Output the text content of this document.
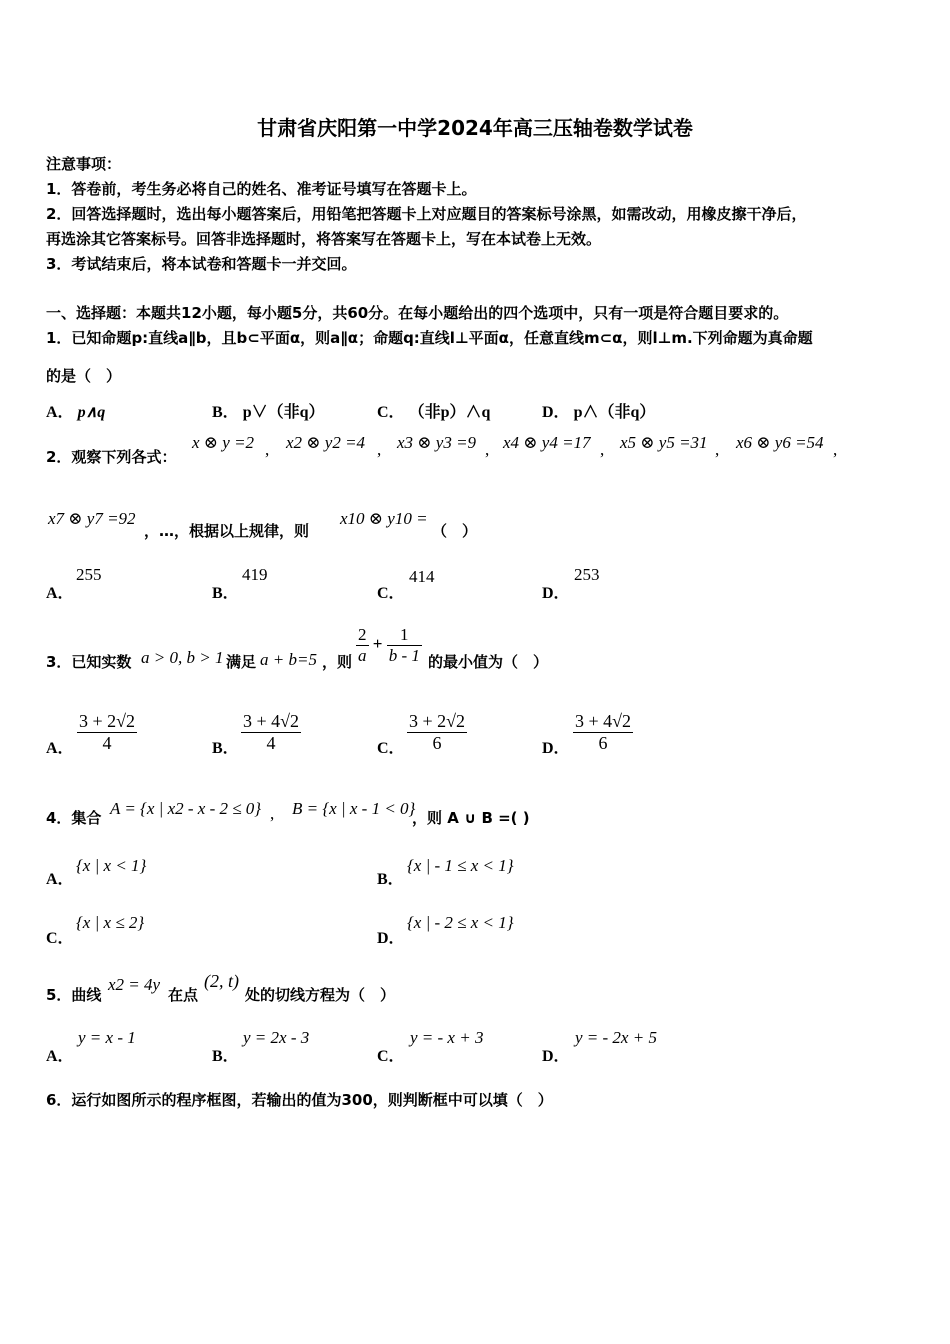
甘肃省庆阳第一中学2024年高三压轴卷数学试卷
注意事项：
1．答卷前，考生务必将自己的姓名、准考证号填写在答题卡上。
2．回答选择题时，选出每小题答案后，用铅笔把答题卡上对应题目的答案标号涂黑，如需改动，用橡皮擦干净后，
再选涂其它答案标号。回答非选择题时，将答案写在答题卡上，写在本试卷上无效。
3．考试结束后，将本试卷和答题卡一并交回。
一、选择题：本题共12小题，每小题5分，共60分。在每小题给出的四个选项中，只有一项是符合题目要求的。
1．已知命题p:直线a∥b，且b⊂平面α，则a∥α；命题q:直线l⊥平面α，任意直线m⊂α，则l⊥m.下列命题为真命题
的是（　）
A． p∧q	B． p∨（非q）	C． （非p）∧q	D． p∧（非q）
2．观察下列各式：
x ⊗ y =2 , x2 ⊗ y2 =4 , x3 ⊗ y3 =9 , x4 ⊗ y4 =17 , x5 ⊗ y5 =31 , x6 ⊗ y6 =54 ,
x7 ⊗ y7 =92
，…，根据以上规律，则
x10 ⊗ y10 =
（　）
A．
255
B．
419
C．
414
D．
253
3．已知实数 a > 0, b > 1 满足 a + b=5 ，则 $\frac{2}{a} + \frac{1}{b - 1}$ 的最小值为（　）
A． $\frac{3 + 2√2}{4}$	B． $\frac{3 + 4√2}{4}$	C． $\frac{3 + 2√2}{6}$	D． $\frac{3 + 4√2}{6}$
4．集合 A = {x | x2 - x - 2 ≤ 0} , B = {x | x - 1 < 0}
，则 A ∪ B =( )
A．
{x | x < 1}
B．
{x | - 1 ≤ x < 1}
C．
{x | x ≤ 2}
D．
{x | - 2 ≤ x < 1}
5．曲线
x2 = 4y
在点
(2, t)
处的切线方程为（　）
A．
y = x - 1
B．
y = 2x - 3
C．
y = - x + 3
D．
y = - 2x + 5
6．运行如图所示的程序框图，若输出的值为300，则判断框中可以填（　）
